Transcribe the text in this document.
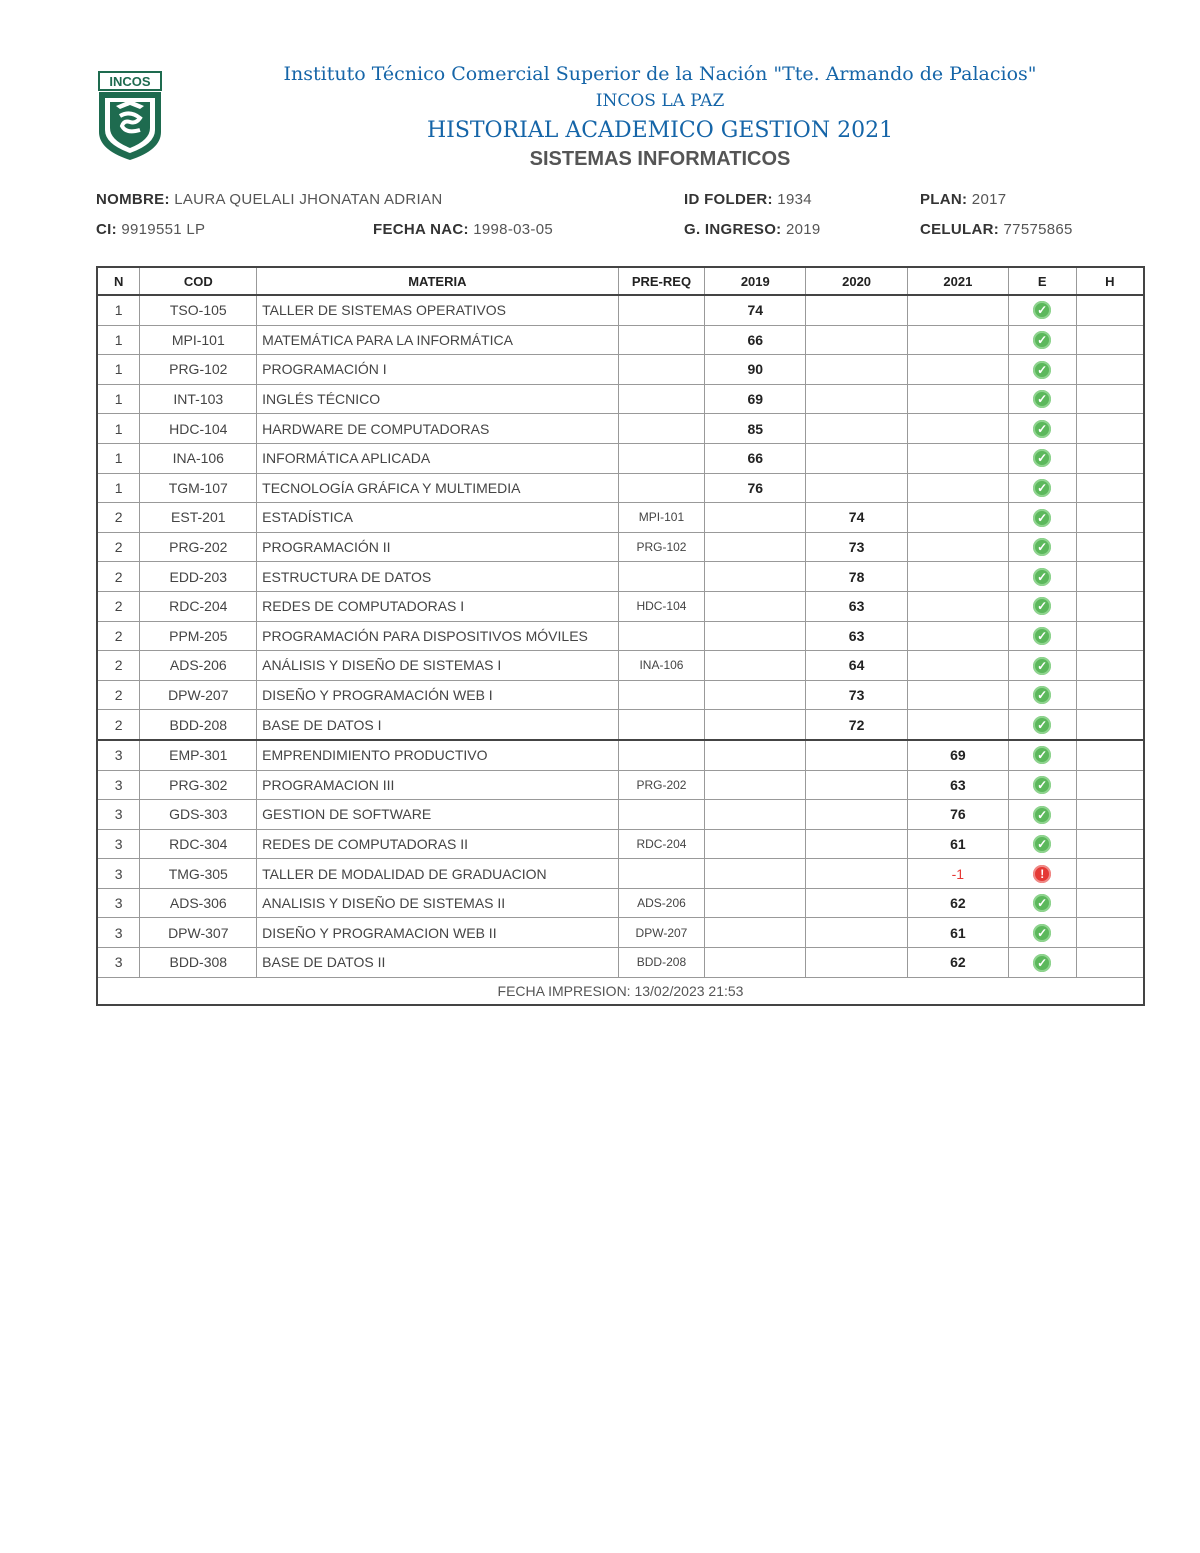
INCOS	Instituto Técnico Comercial Superior de la Nación "Tte. Armando de Palacios"
INCOS LA PAZ
HISTORIAL ACADEMICO GESTION 2021
SISTEMAS INFORMATICOS
NOMBRE: LAURA QUELALI JHONATAN ADRIAN	ID FOLDER: 1934	PLAN: 2017
CI: 9919551 LP	FECHA NAC: 1998-03-05	G. INGRESO: 2019	CELULAR: 77575865
N	COD	MATERIA	PRE-REQ	2019	2020	2021	E	H
1	TSO-105	TALLER DE SISTEMAS OPERATIVOS		74			✓	
1	MPI-101	MATEMÁTICA PARA LA INFORMÁTICA		66			✓	
1	PRG-102	PROGRAMACIÓN I		90			✓	
1	INT-103	INGLÉS TÉCNICO		69			✓	
1	HDC-104	HARDWARE DE COMPUTADORAS		85			✓	
1	INA-106	INFORMÁTICA APLICADA		66			✓	
1	TGM-107	TECNOLOGÍA GRÁFICA Y MULTIMEDIA		76			✓	
2	EST-201	ESTADÍSTICA	MPI-101		74		✓	
2	PRG-202	PROGRAMACIÓN II	PRG-102		73		✓	
2	EDD-203	ESTRUCTURA DE DATOS			78		✓	
2	RDC-204	REDES DE COMPUTADORAS I	HDC-104		63		✓	
2	PPM-205	PROGRAMACIÓN PARA DISPOSITIVOS MÓVILES			63		✓	
2	ADS-206	ANÁLISIS Y DISEÑO DE SISTEMAS I	INA-106		64		✓	
2	DPW-207	DISEÑO Y PROGRAMACIÓN WEB I			73		✓	
2	BDD-208	BASE DE DATOS I			72		✓	
3	EMP-301	EMPRENDIMIENTO PRODUCTIVO				69	✓	
3	PRG-302	PROGRAMACION III	PRG-202			63	✓	
3	GDS-303	GESTION DE SOFTWARE				76	✓	
3	RDC-304	REDES DE COMPUTADORAS II	RDC-204			61	✓	
3	TMG-305	TALLER DE MODALIDAD DE GRADUACION				-1	!	
3	ADS-306	ANALISIS Y DISEÑO DE SISTEMAS II	ADS-206			62	✓	
3	DPW-307	DISEÑO Y PROGRAMACION WEB II	DPW-207			61	✓	
3	BDD-308	BASE DE DATOS II	BDD-208			62	✓	
FECHA IMPRESION: 13/02/2023 21:53								
